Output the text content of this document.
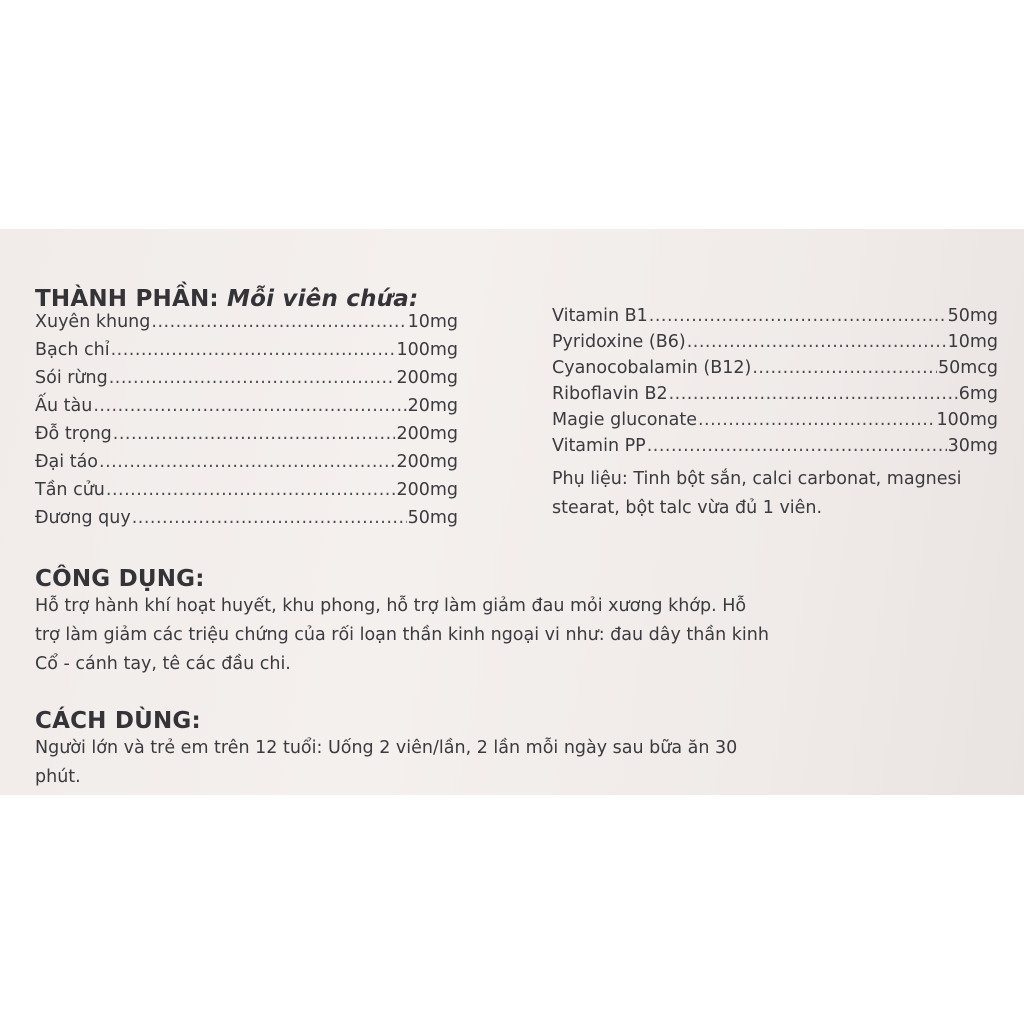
THÀNH PHẦN: Mỗi viên chứa:
Xuyên khung .....	10mg
Bạch chỉ .....	100mg
Sói rừng .....	200mg
Ấu tàu .....	20mg
Đỗ trọng .....	200mg
Đại táo .....	200mg
Tần cửu .....	200mg
Đương quy .....	50mg
Vitamin B1 .....	50mg
Pyridoxine (B6) .....	10mg
Cyanocobalamin (B12) .....	50mcg
Riboflavin B2 .....	6mg
Magie gluconate .....	100mg
Vitamin PP .....	30mg
Phụ liệu: Tinh bột sắn, calci carbonat, magnesi
stearat, bột talc vừa đủ 1 viên.
CÔNG DỤNG:
Hỗ trợ hành khí hoạt huyết, khu phong, hỗ trợ làm giảm đau mỏi xương khớp. Hỗ
trợ làm giảm các triệu chứng của rối loạn thần kinh ngoại vi như: đau dây thần kinh
Cổ - cánh tay, tê các đầu chi.
CÁCH DÙNG:
Người lớn và trẻ em trên 12 tuổi: Uống 2 viên/lần, 2 lần mỗi ngày sau bữa ăn 30
phút.
